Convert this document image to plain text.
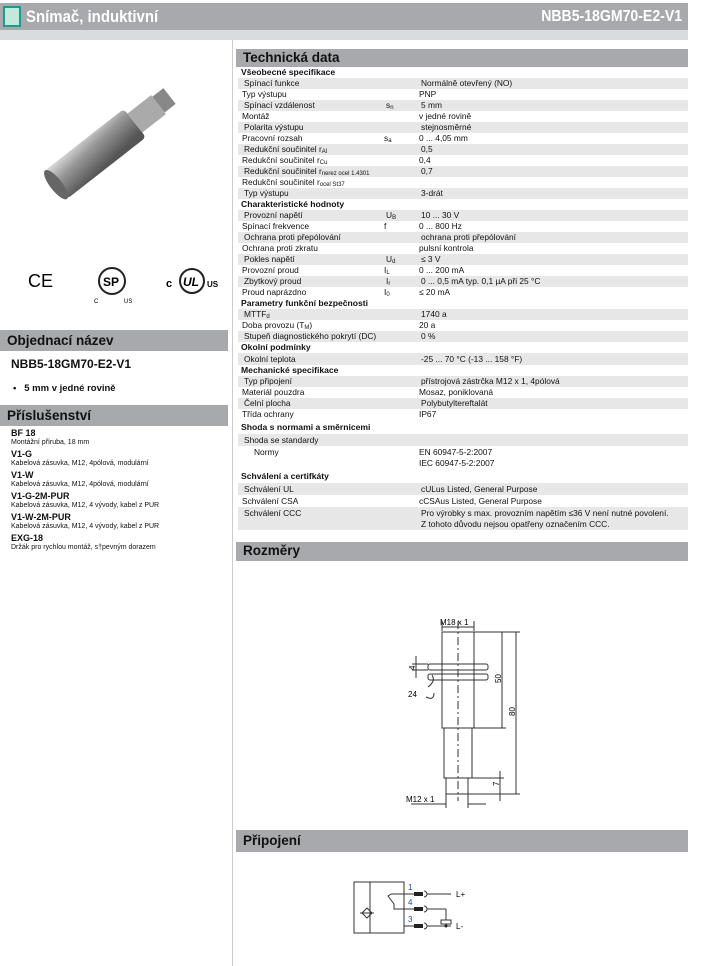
Snímač, induktivní	NBB5-18GM70-E2-V1

CE	SP
C	US
UL
c	US
Objednací název
NBB5-18GM70-E2-V1
•   5 mm v jedné rovině
Příslušenství
BF 18
Montážní příruba, 18 mm
V1-G
Kabelová zásuvka, M12, 4pólová, modulární
V1-W
Kabelová zásuvka, M12, 4pólová, modulární
V1-G-2M-PUR
Kabelová zásuvka, M12, 4 vývody, kabel z PUR
V1-W-2M-PUR
Kabelová zásuvka, M12, 4 vývody, kabel z PUR
EXG-18
Držák pro rychlou montáž, s†pevným dorazem
Technická data
Všeobecné specifikace
Spínací funkce	Normálně otevřený (NO)
Typ výstupu	PNP
Spínací vzdálenost	$s_n$	5 mm
Montáž	v jedné rovině
Polarita výstupu	stejnosměrné
Pracovní rozsah	$s_a$	0 ... 4,05 mm
Redukční součinitel $r_{Al}$	0,5
Redukční součinitel $r_{Cu}$	0,4
Redukční součinitel $r_{nerez ocel 1.4301}$	0,7
Redukční součinitel $r_{ocel St37}$
Typ výstupu	3-drát
Charakteristické hodnoty
Provozní napětí	$U_B$	10 ... 30 V
Spínací frekvence	f	0 ... 800 Hz
Ochrana proti přepólování	ochrana proti přepólování
Ochrana proti zkratu	pulsní kontrola
Pokles napětí	$U_d$	≤ 3 V
Provozní proud	$I_L$	0 ... 200 mA
Zbytkový proud	$I_r$	0 ... 0,5 mA typ. 0,1 µA při 25 °C
Proud naprázdno	$I_0$	≤ 20 mA
Parametry funkční bezpečnosti
$MTTF_d$	1740 a
Doba provozu $(T_M)$	20 a
Stupeň diagnostického pokrytí (DC)	0 %
Okolní podmínky
Okolní teplota	-25 ... 70 °C (-13 ... 158 °F)
Mechanické specifikace
Typ připojení	přístrojová zástrčka M12 x 1, 4pólová
Materiál pouzdra	Mosaz, poniklovaná
Čelní plocha	Polybutyltereftalát
Třída ochrany	IP67
Shoda s normami a směrnicemi
Shoda se standardy
Normy	EN 60947-5-2:2007
IEC 60947-5-2:2007
Schválení a certifkáty
Schválení UL	cULus Listed, General Purpose
Schválení CSA	cCSAus Listed, General Purpose
Schválení CCC	Pro výrobky s max. provozním napětím ≤36 V není nutné povolení.
Z tohoto důvodu nejsou opatřeny označením CCC.
Rozměry
M18 x 1
4
24
50
80
7
M12 x 1
Připojení
1
4
3
L+
L-
